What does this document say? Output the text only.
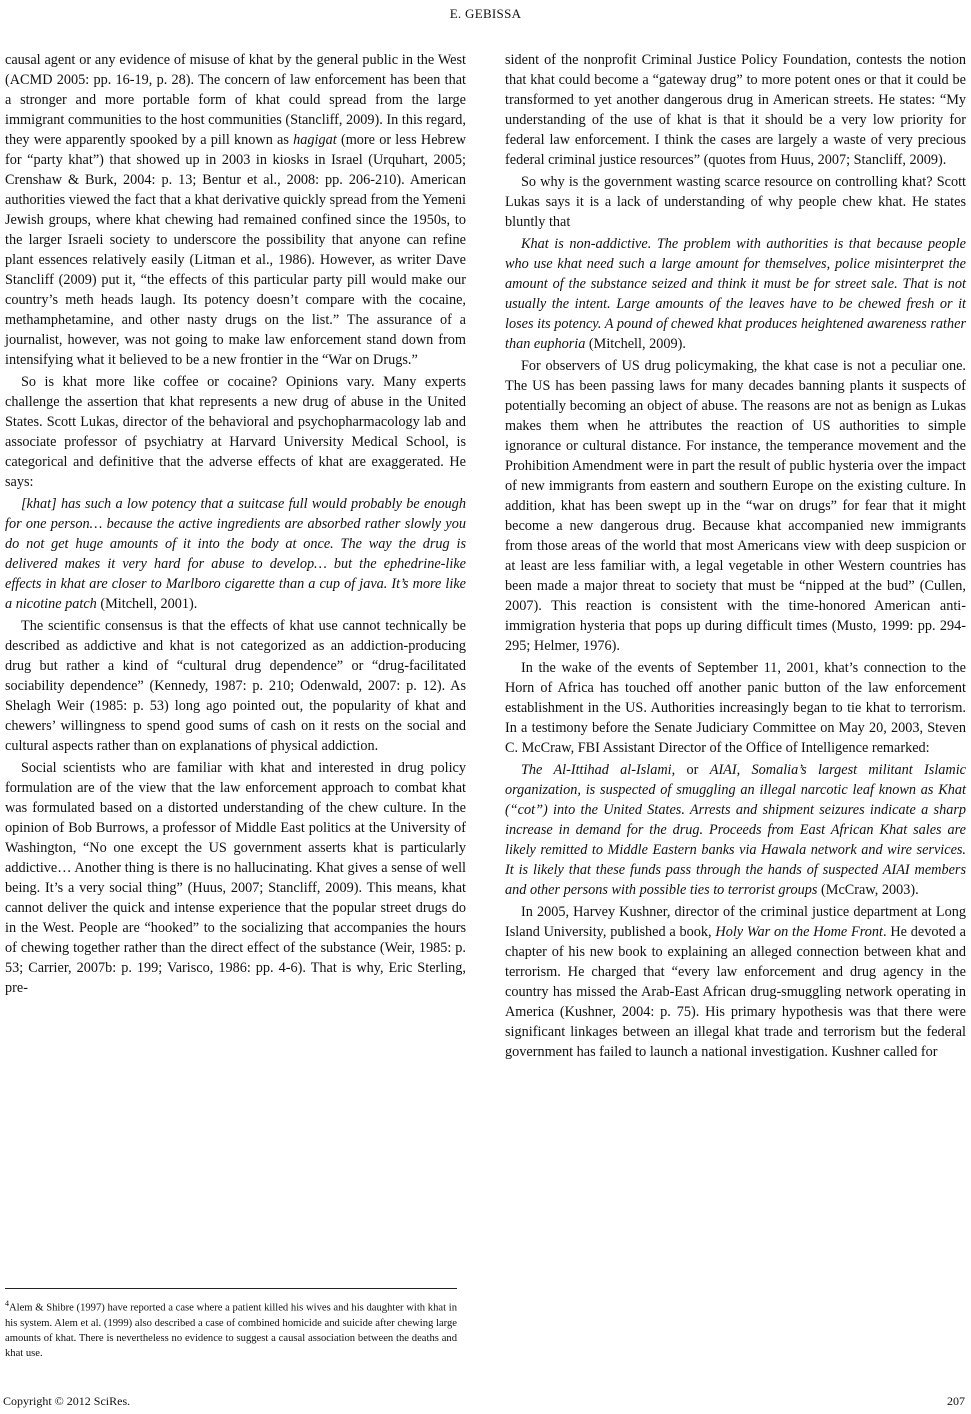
E. GEBISSA

causal agent or any evidence of misuse of khat by the general public in the West (ACMD 2005: pp. 16-19, p. 28). The concern of law enforcement has been that a stronger and more portable form of khat could spread from the large immigrant communities to the host communities (Stancliff, 2009). In this regard, they were apparently spooked by a pill known as hagigat (more or less Hebrew for “party khat”) that showed up in 2003 in kiosks in Israel (Urquhart, 2005; Crenshaw & Burk, 2004: p. 13; Bentur et al., 2008: pp. 206-210). American authorities viewed the fact that a khat derivative quickly spread from the Yemeni Jewish groups, where khat chewing had remained confined since the 1950s, to the larger Israeli society to underscore the possibility that anyone can refine plant essences relatively easily (Litman et al., 1986). However, as writer Dave Stancliff (2009) put it, “the effects of this particular party pill would make our country’s meth heads laugh. Its potency doesn’t compare with the cocaine, methamphetamine, and other nasty drugs on the list.” The assurance of a journalist, however, was not going to make law enforcement stand down from intensifying what it believed to be a new frontier in the “War on Drugs.”

So is khat more like coffee or cocaine? Opinions vary. Many experts challenge the assertion that khat represents a new drug of abuse in the United States. Scott Lukas, director of the behavioral and psychopharmacology lab and associate professor of psychiatry at Harvard University Medical School, is categorical and definitive that the adverse effects of khat are exaggerated. He says:

[khat] has such a low potency that a suitcase full would probably be enough for one person… because the active ingredients are absorbed rather slowly you do not get huge amounts of it into the body at once. The way the drug is delivered makes it very hard for abuse to develop… but the ephedrine-like effects in khat are closer to Marlboro cigarette than a cup of java. It’s more like a nicotine patch (Mitchell, 2001).

The scientific consensus is that the effects of khat use cannot technically be described as addictive and khat is not categorized as an addiction-producing drug but rather a kind of “cultural drug dependence” or “drug-facilitated sociability dependence” (Kennedy, 1987: p. 210; Odenwald, 2007: p. 12). As Shelagh Weir (1985: p. 53) long ago pointed out, the popularity of khat and chewers’ willingness to spend good sums of cash on it rests on the social and cultural aspects rather than on explanations of physical addiction.

Social scientists who are familiar with khat and interested in drug policy formulation are of the view that the law enforcement approach to combat khat was formulated based on a distorted understanding of the chew culture. In the opinion of Bob Burrows, a professor of Middle East politics at the University of Washington, “No one except the US government asserts khat is particularly addictive… Another thing is there is no hallucinating. Khat gives a sense of well being. It’s a very social thing” (Huus, 2007; Stancliff, 2009). This means, khat cannot deliver the quick and intense experience that the popular street drugs do in the West. People are “hooked” to the socializing that accompanies the hours of chewing together rather than the direct effect of the substance (Weir, 1985: p. 53; Carrier, 2007b: p. 199; Varisco, 1986: pp. 4-6). That is why, Eric Sterling, pre-

sident of the nonprofit Criminal Justice Policy Foundation, contests the notion that khat could become a “gateway drug” to more potent ones or that it could be transformed to yet another dangerous drug in American streets. He states: “My understanding of the use of khat is that it should be a very low priority for federal law enforcement. I think the cases are largely a waste of very precious federal criminal justice resources” (quotes from Huus, 2007; Stancliff, 2009).

So why is the government wasting scarce resource on controlling khat? Scott Lukas says it is a lack of understanding of why people chew khat. He states bluntly that

Khat is non-addictive. The problem with authorities is that because people who use khat need such a large amount for themselves, police misinterpret the amount of the substance seized and think it must be for street sale. That is not usually the intent. Large amounts of the leaves have to be chewed fresh or it loses its potency. A pound of chewed khat produces heightened awareness rather than euphoria (Mitchell, 2009).

For observers of US drug policymaking, the khat case is not a peculiar one. The US has been passing laws for many decades banning plants it suspects of potentially becoming an object of abuse. The reasons are not as benign as Lukas makes them when he attributes the reaction of US authorities to simple ignorance or cultural distance. For instance, the temperance movement and the Prohibition Amendment were in part the result of public hysteria over the impact of new immigrants from eastern and southern Europe on the existing culture. In addition, khat has been swept up in the “war on drugs” for fear that it might become a new dangerous drug. Because khat accompanied new immigrants from those areas of the world that most Americans view with deep suspicion or at least are less familiar with, a legal vegetable in other Western countries has been made a major threat to society that must be “nipped at the bud” (Cullen, 2007). This reaction is consistent with the time-honored American anti-immigration hysteria that pops up during difficult times (Musto, 1999: pp. 294-295; Helmer, 1976).

In the wake of the events of September 11, 2001, khat’s connection to the Horn of Africa has touched off another panic button of the law enforcement establishment in the US. Authorities increasingly began to tie khat to terrorism. In a testimony before the Senate Judiciary Committee on May 20, 2003, Steven C. McCraw, FBI Assistant Director of the Office of Intelligence remarked:

The Al-Ittihad al-Islami, or AIAI, Somalia’s largest militant Islamic organization, is suspected of smuggling an illegal narcotic leaf known as Khat (“cot”) into the United States. Arrests and shipment seizures indicate a sharp increase in demand for the drug. Proceeds from East African Khat sales are likely remitted to Middle Eastern banks via Hawala network and wire services. It is likely that these funds pass through the hands of suspected AIAI members and other persons with possible ties to terrorist groups (McCraw, 2003).

In 2005, Harvey Kushner, director of the criminal justice department at Long Island University, published a book, Holy War on the Home Front. He devoted a chapter of his new book to explaining an alleged connection between khat and terrorism. He charged that “every law enforcement and drug agency in the country has missed the Arab-East African drug-smuggling network operating in America (Kushner, 2004: p. 75). His primary hypothesis was that there were significant linkages between an illegal khat trade and terrorism but the federal government has failed to launch a national investigation. Kushner called for

$^4$Alem & Shibre (1997) have reported a case where a patient killed his wives and his daughter with khat in his system. Alem et al. (1999) also described a case of combined homicide and suicide after chewing large amounts of khat. There is nevertheless no evidence to suggest a causal association between the deaths and khat use.
Copyright © 2012 SciRes.	207
